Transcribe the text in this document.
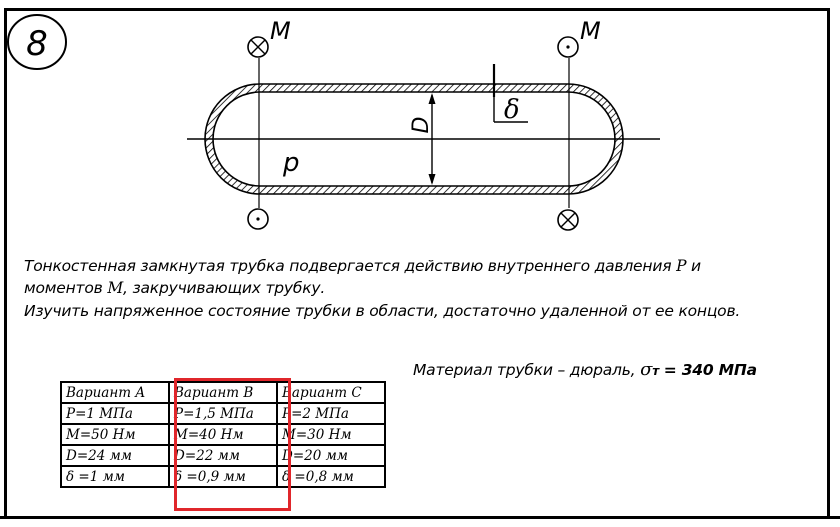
8	M	M
D
p
δ
Тонкостенная замкнутая трубка подвергается действию внутреннего давления P и
моментов M, закручивающих трубку.
Изучить напряженное состояние трубки в области, достаточно удаленной от ее концов.
Материал трубки – дюраль, σт = 340 МПа
Вариант A	Вариант B	Вариант C
P=1 МПа	P=1,5 МПа	P=2 МПа
M=50 Нм	M=40 Нм	M=30 Нм
D=24 мм	D=22 мм	D=20 мм
δ =1 мм	δ =0,9 мм	δ =0,8 мм
